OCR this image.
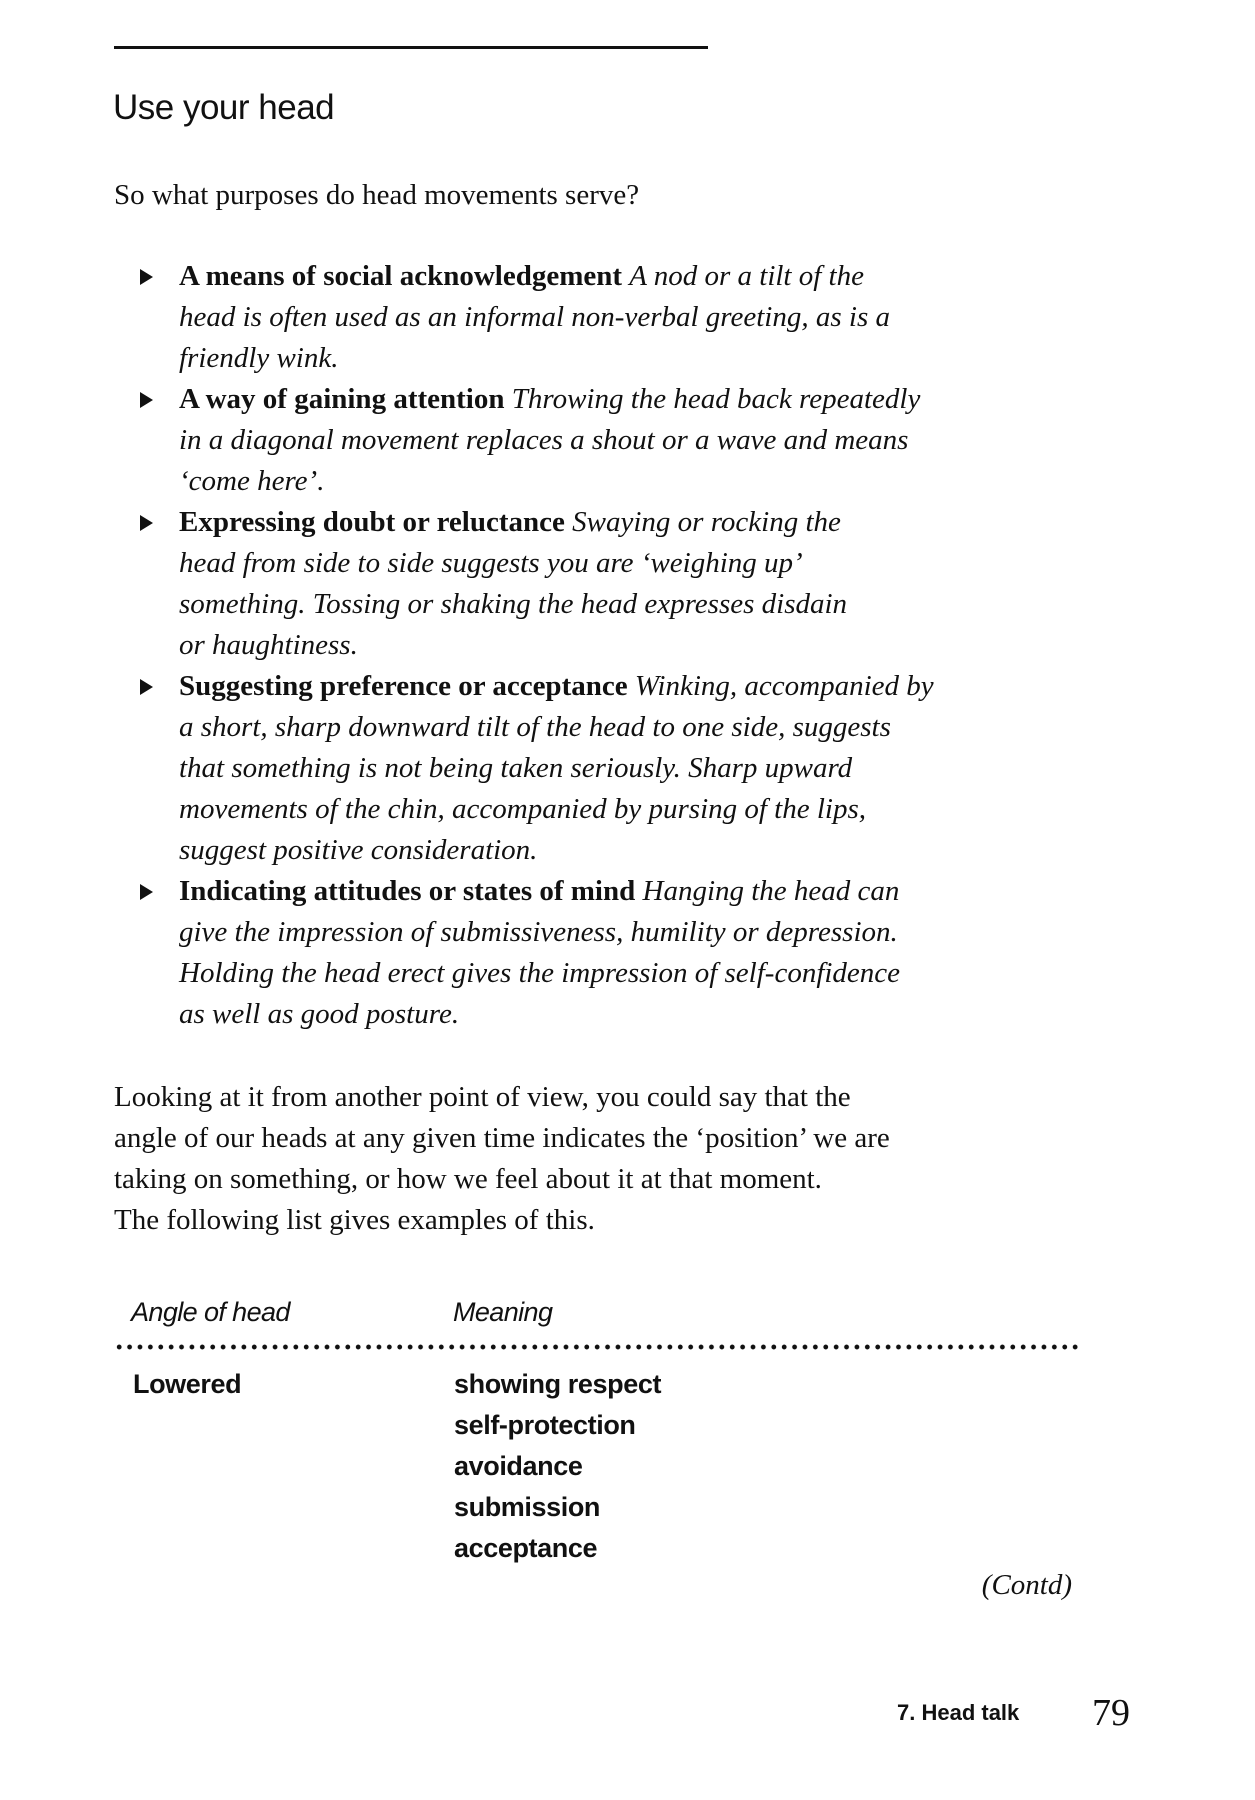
Use your head
So what purposes do head movements serve?
A means of social acknowledgement A nod or a tilt of the
head is often used as an informal non-verbal greeting, as is a
friendly wink.
A way of gaining attention Throwing the head back repeatedly
in a diagonal movement replaces a shout or a wave and means
‘come here’.
Expressing doubt or reluctance Swaying or rocking the
head from side to side suggests you are ‘weighing up’
something. Tossing or shaking the head expresses disdain
or haughtiness.
Suggesting preference or acceptance Winking, accompanied by
a short, sharp downward tilt of the head to one side, suggests
that something is not being taken seriously. Sharp upward
movements of the chin, accompanied by pursing of the lips,
suggest positive consideration.
Indicating attitudes or states of mind Hanging the head can
give the impression of submissiveness, humility or depression.
Holding the head erect gives the impression of self-confidence
as well as good posture.
Looking at it from another point of view, you could say that the
angle of our heads at any given time indicates the ‘position’ we are
taking on something, or how we feel about it at that moment.
The following list gives examples of this.
Angle of head	Meaning
Lowered	showing respect
self-protection
avoidance
submission
acceptance
(Contd)
7. Head talk 79
